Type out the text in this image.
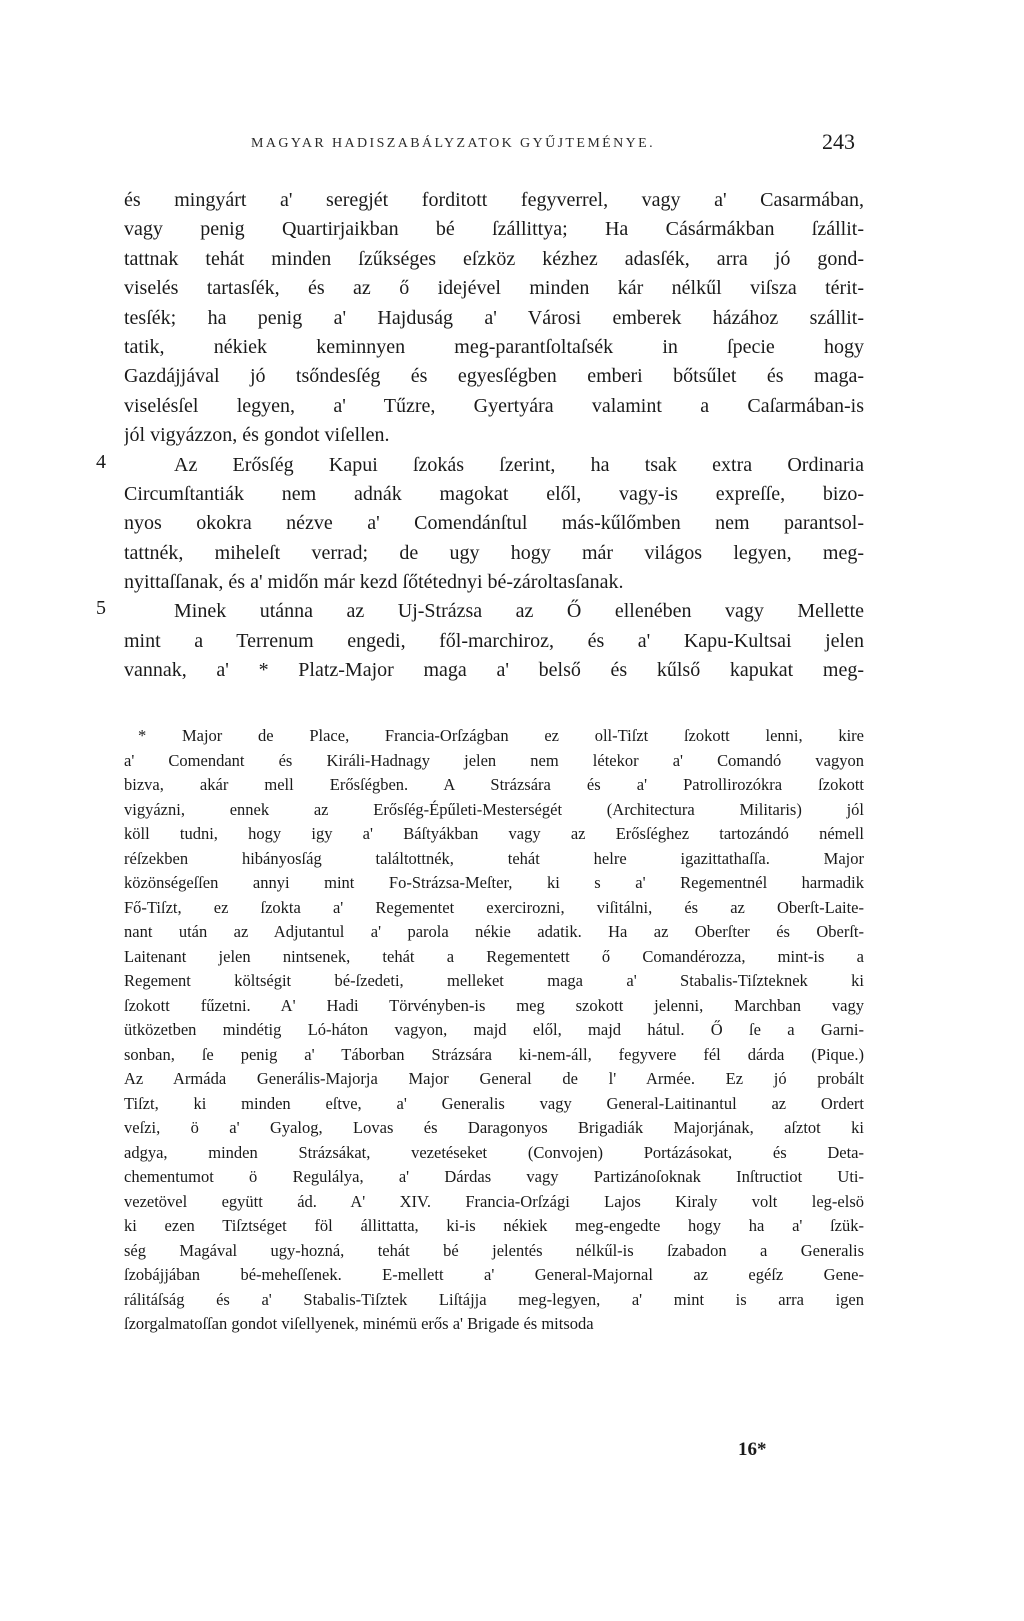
MAGYAR HADISZABÁLYZATOK GYŰJTEMÉNYE.	243
és mingyárt a' seregjét forditott fegyverrel, vagy a' Casarmában,
vagy penig Quartirjaikban bé ſzállittya; Ha Cásármákban ſzállit-
tattnak tehát minden ſzűkséges eſzköz kézhez adasſék, arra jó gond-
viselés tartasſék, és az ő idejével minden kár nélkűl viſsza térit-
tesſék; ha penig a' Hajduság a' Városi emberek házához szállit-
tatik, nékiek keminnyen meg-parantſoltaſsék in ſpecie hogy
Gazdájjával jó tsőndesſég és egyesſégben emberi bőtsűlet és maga-
viselésſel legyen, a' Tűzre, Gyertyára valamint a Caſarmában-is
jól vigyázzon, és gondot viſellen.
4	Az Erősſég Kapui ſzokás ſzerint, ha tsak extra Ordinaria
Circumſtantiák nem adnák magokat elől, vagy-is expreſſe, bizo-
nyos okokra nézve a' Comendánſtul más-kűlőmben nem parantsol-
tattnék, miheleſt verrad; de ugy hogy már világos legyen, meg-
nyittaſſanak, és a' midőn már kezd ſőtétednyi bé-zároltasſanak.
5	Minek utánna az Uj-Strázsa az Ő ellenében vagy Mellette
mint a Terrenum engedi, fől-marchiroz, és a' Kapu-Kultsai jelen
vannak, a' * Platz-Major maga a' belső és kűlső kapukat meg-
* Major de Place, Francia-Orſzágban ez oll-Tiſzt ſzokott lenni, kire
a' Comendant és Királi-Hadnagy jelen nem létekor a' Comandó vagyon
bizva, akár mell Erősſégben. A Strázsára és a' Patrollirozókra ſzokott
vigyázni, ennek az Erősſég-Épűleti-Mesterségét (Architectura Militaris) jól
köll tudni, hogy igy a' Báſtyákban vagy az Erősſéghez tartozándó némell
réſzekben hibányosſág találtottnék, tehát helre igazittathaſſa. Major
közönségeſſen annyi mint Fo-Strázsa-Meſter, ki s a' Regementnél harmadik
Fő-Tiſzt, ez ſzokta a' Regementet exercirozni, viſitálni, és az Oberſt-Laite-
nant után az Adjutantul a' parola nékie adatik. Ha az Oberſter és Oberſt-
Laitenant jelen nintsenek, tehát a Regementett ő Comandérozza, mint-is a
Regement költségit bé-ſzedeti, melleket maga a' Stabalis-Tiſzteknek ki
ſzokott fűzetni. A' Hadi Törvényben-is meg szokott jelenni, Marchban vagy
ütközetben mindétig Ló-háton vagyon, majd elől, majd hátul. Ő ſe a Garni-
sonban, ſe penig a' Táborban Strázsára ki-nem-áll, fegyvere fél dárda (Pique.)
Az Armáda Generális-Majorja Major General de l' Armée. Ez jó probált
Tiſzt, ki minden eſtve, a' Generalis vagy General-Laitinantul az Ordert
veſzi, ö a' Gyalog, Lovas és Daragonyos Brigadiák Majorjának, aſztot ki
adgya, minden Strázsákat, vezetéseket (Convojen) Portázásokat, és Deta-
chementumot ö Regulálya, a' Dárdas vagy Partizánoſoknak Inſtructiot Uti-
vezetövel együtt ád. A' XIV. Francia-Orſzági Lajos Kiraly volt leg-elsö
ki ezen Tiſztséget föl állittatta, ki-is nékiek meg-engedte hogy ha a' ſzük-
ség Magával ugy-hozná, tehát bé jelentés nélkűl-is ſzabadon a Generalis
ſzobájjában bé-meheſſenek. E-mellett a' General-Majornal az egéſz Gene-
rálitáſság és a' Stabalis-Tiſztek Liſtájja meg-legyen, a' mint is arra igen
ſzorgalmatoſſan gondot viſellyenek, minémü erős a' Brigade és mitsoda
16*
